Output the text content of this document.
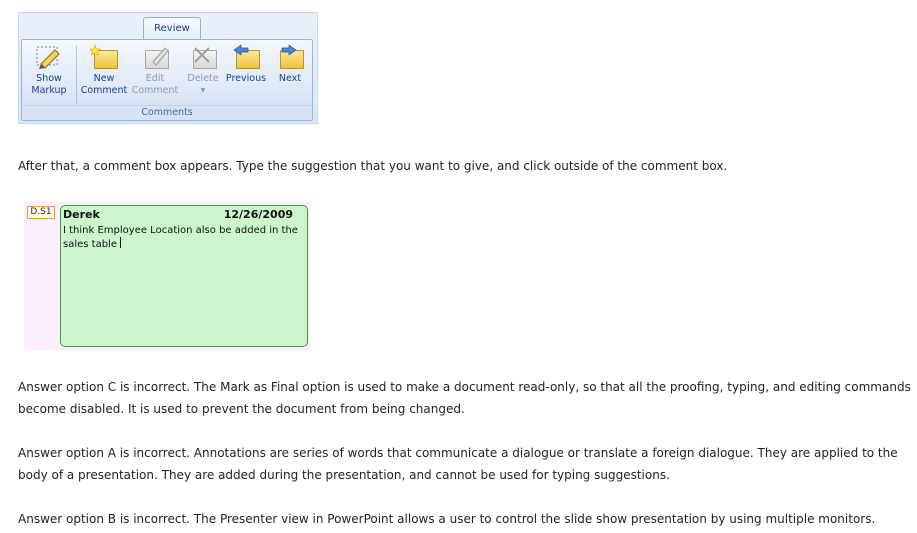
Review
Show
Markup
New
Comment
Edit
Comment
Delete
▾
Previous	Next
Comments

After that, a comment box appears. Type the suggestion that you want to give, and click outside of the comment box.

D.S1	Derek	12/26/2009
I think Employee Location also be added in the sales table

Answer option C is incorrect. The Mark as Final option is used to make a document read-only, so that all the proofing, typing, and editing commands become disabled. It is used to prevent the document from being changed.

Answer option A is incorrect. Annotations are series of words that communicate a dialogue or translate a foreign dialogue. They are applied to the body of a presentation. They are added during the presentation, and cannot be used for typing suggestions.

Answer option B is incorrect. The Presenter view in PowerPoint allows a user to control the slide show presentation by using multiple monitors.
